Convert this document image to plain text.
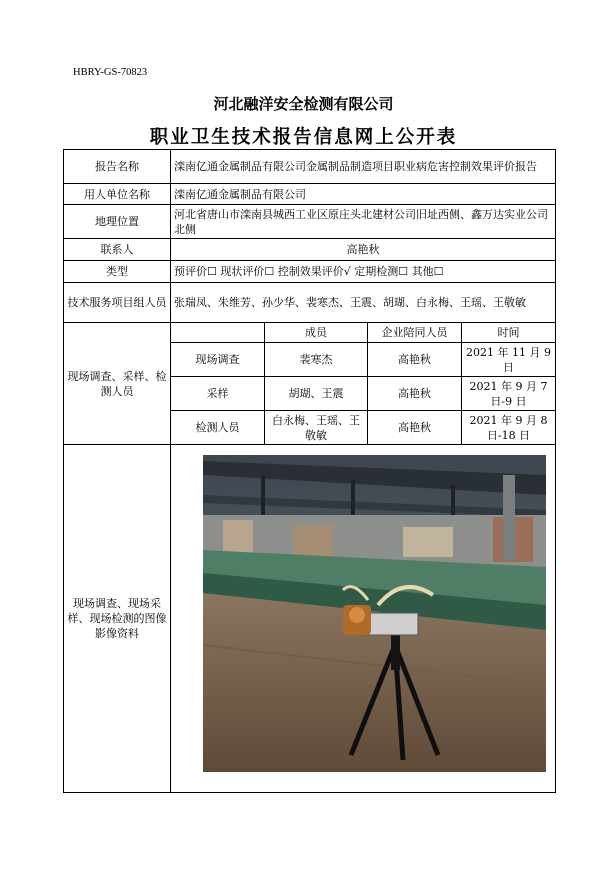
HBRY-GS-70823
河北融洋安全检测有限公司
职业卫生技术报告信息网上公开表
报告名称	滦南亿通金属制品有限公司金属制品制造项目职业病危害控制效果评价报告			
用人单位名称	滦南亿通金属制品有限公司			
地理位置	河北省唐山市滦南县城西工业区原庄头北建材公司旧址西侧、鑫万达实业公司北侧			
联系人	高艳秋			
类型	预评价☐ 现状评价☐ 控制效果评价√ 定期检测☐ 其他☐			
技术服务项目组人员	张瑞凤、朱维芳、孙少华、裴寒杰、王震、胡瑚、白永梅、王瑶、王敬敏			
现场调查、采样、检测人员		成员	企业陪同人员	时间
	现场调查	裴寒杰	高艳秋	2021 年 11 月 9 日
	采样	胡瑚、王震	高艳秋	2021 年 9 月 7 日-9 日
	检测人员	白永梅、王瑶、王敬敏	高艳秋	2021 年 9 月 8 日-18 日
现场调查、现场采样、现场检测的图像影像资料				
